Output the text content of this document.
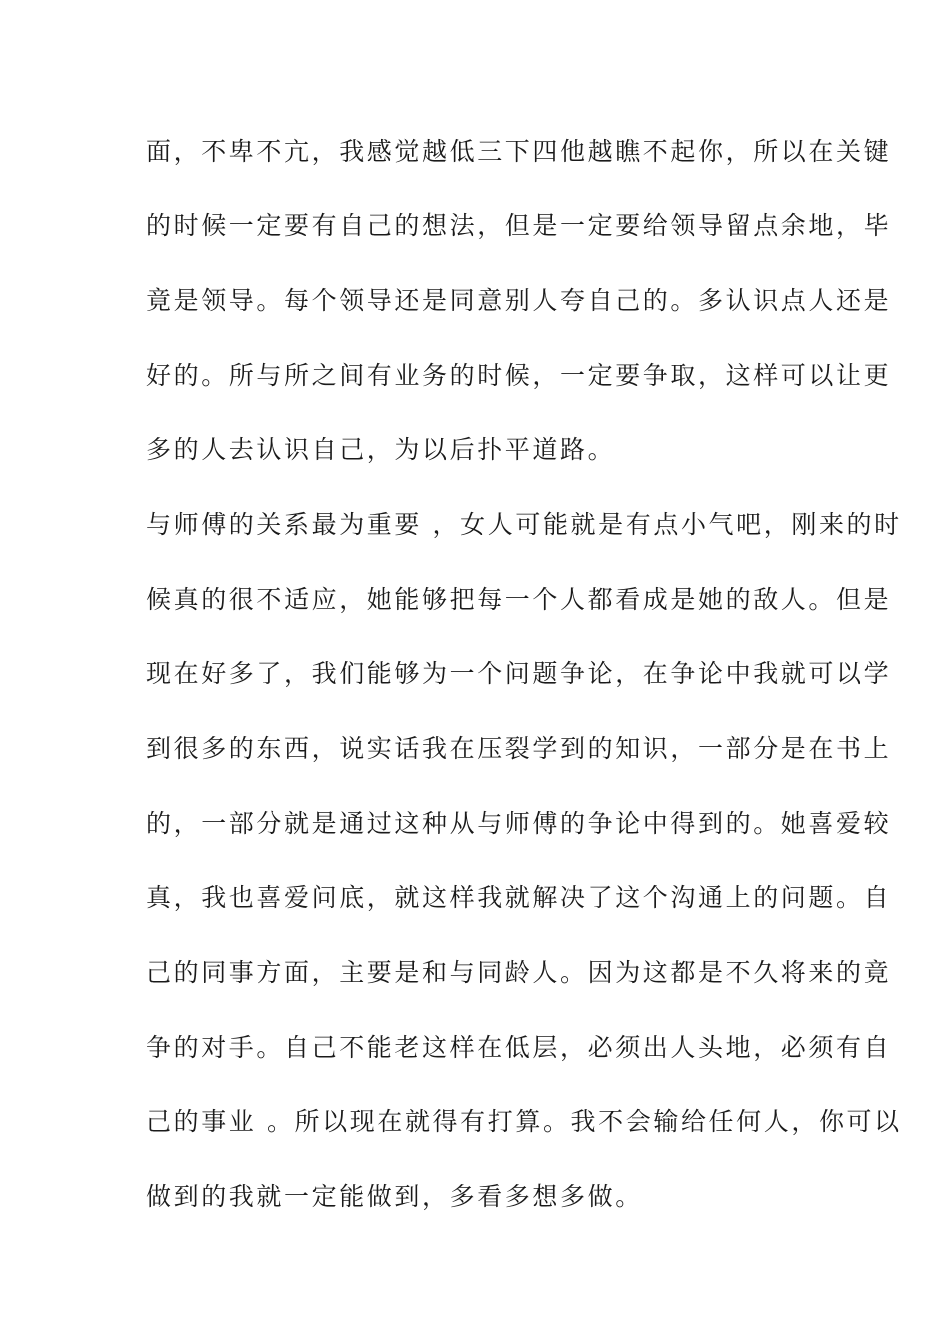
面，不卑不亢，我感觉越低三下四他越瞧不起你，所以在关键
的时候一定要有自己的想法，但是一定要给领导留点余地，毕
竟是领导。每个领导还是同意别人夸自己的。多认识点人还是
好的。所与所之间有业务的时候，一定要争取，这样可以让更
多的人去认识自己，为以后扑平道路。
与师傅的关系最为重要 ，女人可能就是有点小气吧，刚来的时
候真的很不适应，她能够把每一个人都看成是她的敌人。但是
现在好多了，我们能够为一个问题争论，在争论中我就可以学
到很多的东西，说实话我在压裂学到的知识，一部分是在书上
的，一部分就是通过这种从与师傅的争论中得到的。她喜爱较
真，我也喜爱问底，就这样我就解决了这个沟通上的问题。自
己的同事方面，主要是和与同龄人。因为这都是不久将来的竟
争的对手。自己不能老这样在低层，必须出人头地，必须有自
己的事业 。所以现在就得有打算。我不会输给任何人，你可以
做到的我就一定能做到，多看多想多做。
